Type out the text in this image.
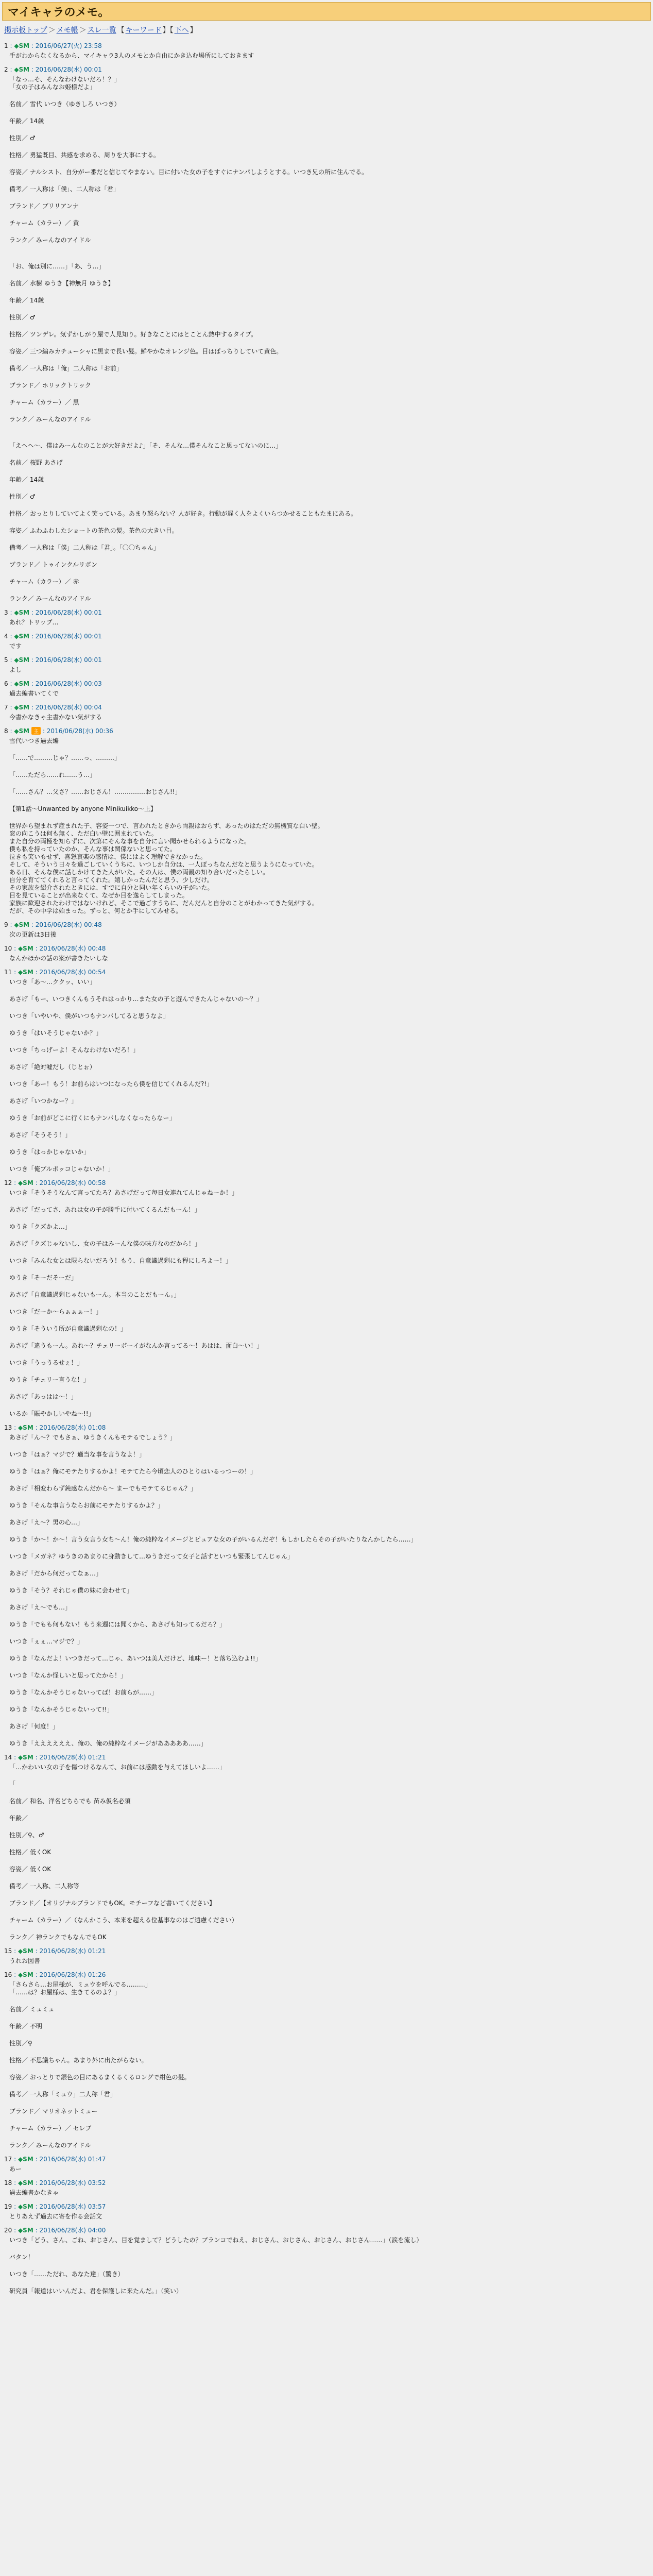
マイキャラのメモ。
掲示板トップ ＞ メモ帳 ＞ スレ一覧 【 キーワード 】【 下へ 】
1 : ◆SM : 2016/06/27(火) 23:58
手がわからなくなるから、マイキャラ3人のメモとか自由にかき込む場所にしておきます
2 : ◆SM : 2016/06/28(水) 00:01
「なっ…そ、そんなわけないだろ！？」
「女の子はみんなお姫様だよ」
名前／ 雪代 いつき（ゆきしろ いつき）
年齢／ 14歳
性別／ ♂
性格／ 勇猛既目、共感を求める、周りを大事にする。
容姿／ ナルシスト、自分がー番だと信じてやまない。目に付いた女の子をすぐにナンパしようとする。いつき兄の所に住んでる。
備考／ 一人称は「僕」、二人称は「君」
ブランド／ ブリリアンナ
チャーム（カラー）／ 黄
ランク／ みーんなのアイドル
「お、俺は別に……」「あ、う…」
名前／ 水樹 ゆうき【神無月 ゆうき】
年齢／ 14歳
性別／ ♂
性格／ ツンデレ。気ずかしがり屋で人見知り。好きなことにはとことん熱中するタイプ。
容姿／ 三つ編みカチューシャに黒まで長い髪。鮮やかなオレンジ色。目はぱっちりしていて黄色。
備考／ 一人称は「俺」二人称は「お前」
ブランド／ ホリックトリック
チャーム（カラー）／ 黒
ランク／ みーんなのアイドル
「えへへ～、僕はみーんなのことが大好きだよ♪」「そ、そんな…僕そんなこと思ってないのに…」
名前／ 桜野 あさげ
年齢／ 14歳
性別／ ♂
性格／ おっとりしていてよく笑っている。あまり怒らない？人が好き。行動が遅く人をよくいらつかせることもたまにある。
容姿／ ふわふわしたショートの茶色の髪。茶色の大きい目。
備考／ 一人称は「僕」二人称は「君」。「〇〇ちゃん」
ブランド／ トゥインクルリボン
チャーム（カラー）／ 赤
ランク／ みーんなのアイドル
3 : ◆SM : 2016/06/28(水) 00:01
あれ？トリップ…
4 : ◆SM : 2016/06/28(水) 00:01
です
5 : ◆SM : 2016/06/28(水) 00:01
よし
6 : ◆SM : 2016/06/28(水) 00:03
過去編書いてくで
7 : ◆SM : 2016/06/28(水) 00:04
今書かなきゃ主書かない気がする
8 : ◆SM 主 : 2016/06/28(水) 00:36
雪代いつき過去編
「……で………じゃ？……っ、………」
「……ただら……れ……う…」
「……さん？…父さ？……おじさん！……………おじさん!!」
【第1話〜Unwanted by anyone Minikuikko〜上】
世界から望まれず産まれた子、容姿一つで、言われたときから両親はおらず、あったのはただの無機質な白い壁。
窓の向こうは何も無く、ただ白い壁に囲まれていた。
また自分の両極を知らずに、次第にそんな事を自分に言い聞かせられるようになった。
僕も私を持っていたのか、そんな事は関係ないと思ってた。
泣きも笑いもせず、喜怒哀楽の感情は、僕にはよく理解できなかった。
そして、そういう日々を過ごしていくうちに、いつしか自分は、一人ぼっちなんだなと思うようになっていた。
ある日、そんな僕に話しかけてきた人がいた。その人は、僕の両親の知り合いだったらしい。
自分を育ててくれると言ってくれた。嬉しかったんだと思う、少しだけ。
その家族を紹介されたときには、すでに自分と同い年くらいの子がいた。
目を見ていることが出来なくて、なぜか目を逸らしてしまった。
家族に歓迎されたわけではないけれど、そこで過ごすうちに、だんだんと自分のことがわかってきた気がする。
だが、その中学は始まった。ずっと、何とか手にしてみせる。
9 : ◆SM : 2016/06/28(水) 00:48
次の更新は3日後
10 : ◆SM : 2016/06/28(水) 00:48
なんかほかの話の案が書きたいしな
11 : ◆SM : 2016/06/28(水) 00:54
いつき「あ～…ククッ、いい」
あさげ「もー、いつきくんもうそれはっかり…また女の子と遊んできたんじゃないの～？」
いつき「いやいや、僕がいつもナンパしてると思うなよ」
ゆうき「はいそうじゃないか？」
いつき「ちっげーよ！そんなわけないだろ！」
あさげ「絶対嘘だし（じとぉ）
いつき「あー！もう！お前らはいつになったら僕を信じてくれるんだ?!」
あさげ「いつかなー？」
ゆうき「お前がどこに行くにもナンパしなくなったらなー」
あさげ「そうそう！」
ゆうき「はっかじゃないか」
いつき「俺ブルボッコじゃないか！」
12 : ◆SM : 2016/06/28(水) 00:58
いつき「そうそうなんて言ってたろ？あさげだって毎日女連れてんじゃねーか！」
あさげ「だってさ、あれは女の子が勝手に付いてくるんだもーん！」
ゆうき「クズかよ…」
あさげ「クズじゃないし、女の子はみーんな僕の味方なのだから！」
いつき「みんな女とは限らないだろう！もう、自意識過剰にも程にしろよー！」
ゆうき「そーだそーだ」
あさげ「自意識過剰じゃないもーん。本当のことだもーん。」
いつき「だーか～らぁぁぁー！」
ゆうき「そういう所が自意識過剰なの！」
あさげ「違うもーん。あれ～？チェリーボーイがなんか言ってる～！あはは、面白～い！」
いつき「うっうるせぇ！」
ゆうき「チェリー言うな！」
あさげ「あっはは～！」
いるか「賑やかしいやね～!!」
13 : ◆SM : 2016/06/28(水) 01:08
あさげ「ん～？でもさぁ、ゆうきくんもモテるでしょう？」
いつき「はぁ？マジで？適当な事を言うなよ！」
ゆうき「はぁ？俺にモテたりするかよ！モテてたら今頃恋人のひとりはいるっつーの！」
あさげ「相変わらず鈍感なんだから～ まーでもモテてるじゃん？」
ゆうき「そんな事言うならお前にモテたりするかよ？」
あさげ「え～？男の心…」
ゆうき「か～！か～！言う女言う女ち～ん！俺の純粋なイメージとピュアな女の子がいるんだぞ！もしかしたらその子がいたりなんかしたら……」
いつき「メガネ？ゆうきのあまりに身動きして…ゆうきだって女子と話すといつも緊張してんじゃん」
あさげ「だから何だってなぁ…」
ゆうき「そう？それじゃ僕の妹に会わせて」
あさげ「え～でも…」
ゆうき「でもも何もない！もう来週には聞くから、あさげも知ってるだろ？」
いつき「ぇぇ…マジで？」
ゆうき「なんだよ！いつきだって…じゃ、あいつは美人だけど、地味ー！と落ち込むよ!!」
いつき「なんか怪しいと思ってたから！」
ゆうき「なんかそうじゃないってば！お前らが……」
ゆうき「なんかそうじゃないって!!」
あさげ「何度！」
ゆうき「ええええええ、俺の、俺の純粋なイメージがあああああ……」
14 : ◆SM : 2016/06/28(水) 01:21
「…かわいい女の子を傷つけるなんて、お前には感動を与えてほしいよ……」
「
名前／ 和名、洋名どちらでも 苗み仮名必須
年齢／
性別／♀、♂
性格／ 低くOK
容姿／ 低くOK
備考／ 一人称、二人称等
ブランド／【オリジナルブランドでもOK。モチーフなど書いてください】
チャーム（カラー）／（なんかこう、本来を超える位基事なのはご遠慮ください）
ランク／ 神ランクでもなんでもOK
15 : ◆SM : 2016/06/28(水) 01:21
うれお図書
16 : ◆SM : 2016/06/28(水) 01:26
「さらさら…お屋様が、ミュウを呼んでる………」
「……は？お屋様は、生きてるのよ？」
名前／ ミュミュ
年齢／ 不明
性別／♀
性格／ 不思議ちゃん。あまり外に出たがらない。
容姿／ おっとりで銀色の目にあるまくるくるロングで紺色の髪。
備考／ 一人称「ミュウ」二人称「君」
ブランド／ マリオネットミュー
チャーム（カラー）／ セレブ
ランク／ みーんなのアイドル
17 : ◆SM : 2016/06/28(水) 01:47
あー
18 : ◆SM : 2016/06/28(水) 03:52
過去編書かなきゃ
19 : ◆SM : 2016/06/28(水) 03:57
とりあえず過去に寄を作る会話文
20 : ◆SM : 2016/06/28(水) 04:00
いつき「どう、さん、ごね、おじさん、目を覚まして？どうしたの？ブランコでねえ、おじさん、おじさん、おじさん、おじさん……」（涙を流し）
バタン！
いつき「……ただれ、あなた達」（驚き）
研究員「報道はいいんだよ、君を保護しに来たんだ。」（笑い）
